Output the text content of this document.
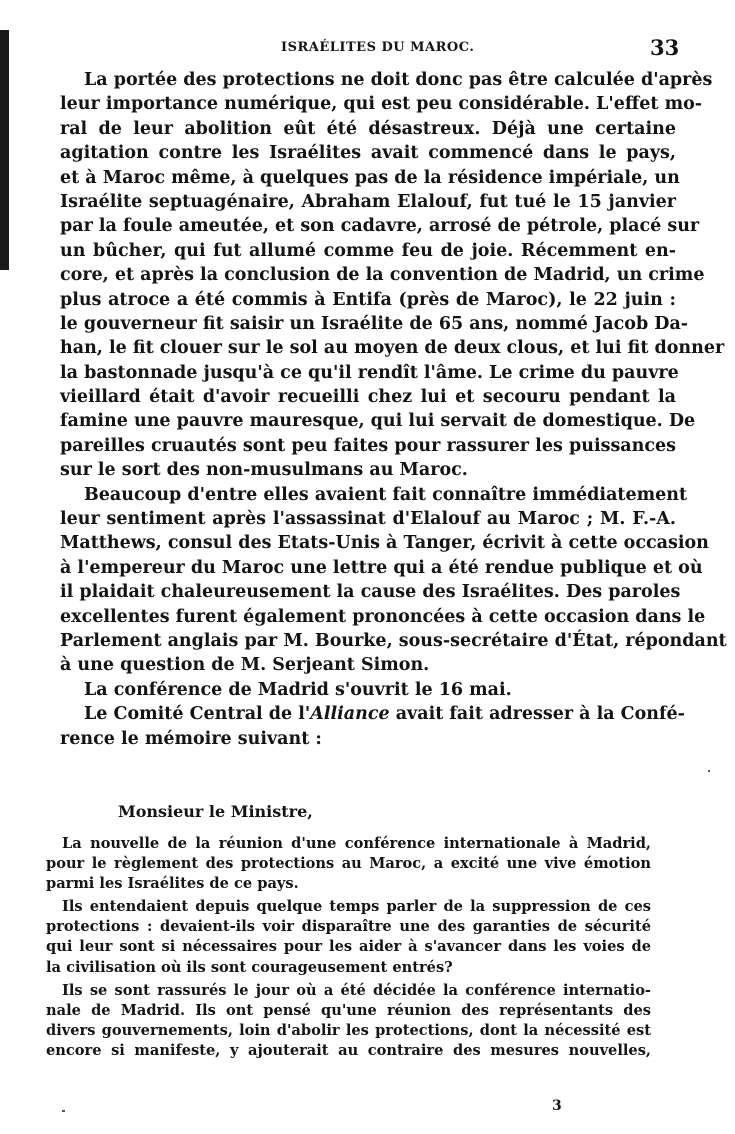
ISRAÉLITES DU MAROC.	33
La portée des protections ne doit donc pas être calculée d'après
leur importance numérique, qui est peu considérable. L'effet mo-
ral de leur abolition eût été désastreux. Déjà une certaine
agitation contre les Israélites avait commencé dans le pays,
et à Maroc même, à quelques pas de la résidence impériale, un
Israélite septuagénaire, Abraham Elalouf, fut tué le 15 janvier
par la foule ameutée, et son cadavre, arrosé de pétrole, placé sur
un bûcher, qui fut allumé comme feu de joie. Récemment en-
core, et après la conclusion de la convention de Madrid, un crime
plus atroce a été commis à Entifa (près de Maroc), le 22 juin :
le gouverneur fit saisir un Israélite de 65 ans, nommé Jacob Da-
han, le fit clouer sur le sol au moyen de deux clous, et lui fit donner
la bastonnade jusqu'à ce qu'il rendît l'âme. Le crime du pauvre
vieillard était d'avoir recueilli chez lui et secouru pendant la
famine une pauvre mauresque, qui lui servait de domestique. De
pareilles cruautés sont peu faites pour rassurer les puissances
sur le sort des non-musulmans au Maroc.
Beaucoup d'entre elles avaient fait connaître immédiatement
leur sentiment après l'assassinat d'Elalouf au Maroc ; M. F.-A.
Matthews, consul des Etats-Unis à Tanger, écrivit à cette occasion
à l'empereur du Maroc une lettre qui a été rendue publique et où
il plaidait chaleureusement la cause des Israélites. Des paroles
excellentes furent également prononcées à cette occasion dans le
Parlement anglais par M. Bourke, sous-secrétaire d'État, répondant
à une question de M. Serjeant Simon.
La conférence de Madrid s'ouvrit le 16 mai.
Le Comité Central de l'Alliance avait fait adresser à la Confé-
rence le mémoire suivant :
Monsieur le Ministre,
La nouvelle de la réunion d'une conférence internationale à Madrid,
pour le règlement des protections au Maroc, a excité une vive émotion
parmi les Israélites de ce pays.
Ils entendaient depuis quelque temps parler de la suppression de ces
protections : devaient-ils voir disparaître une des garanties de sécurité
qui leur sont si nécessaires pour les aider à s'avancer dans les voies de
la civilisation où ils sont courageusement entrés?
Ils se sont rassurés le jour où a été décidée la conférence internatio-
nale de Madrid. Ils ont pensé qu'une réunion des représentants des
divers gouvernements, loin d'abolir les protections, dont la nécessité est
encore si manifeste, y ajouterait au contraire des mesures nouvelles,
3
